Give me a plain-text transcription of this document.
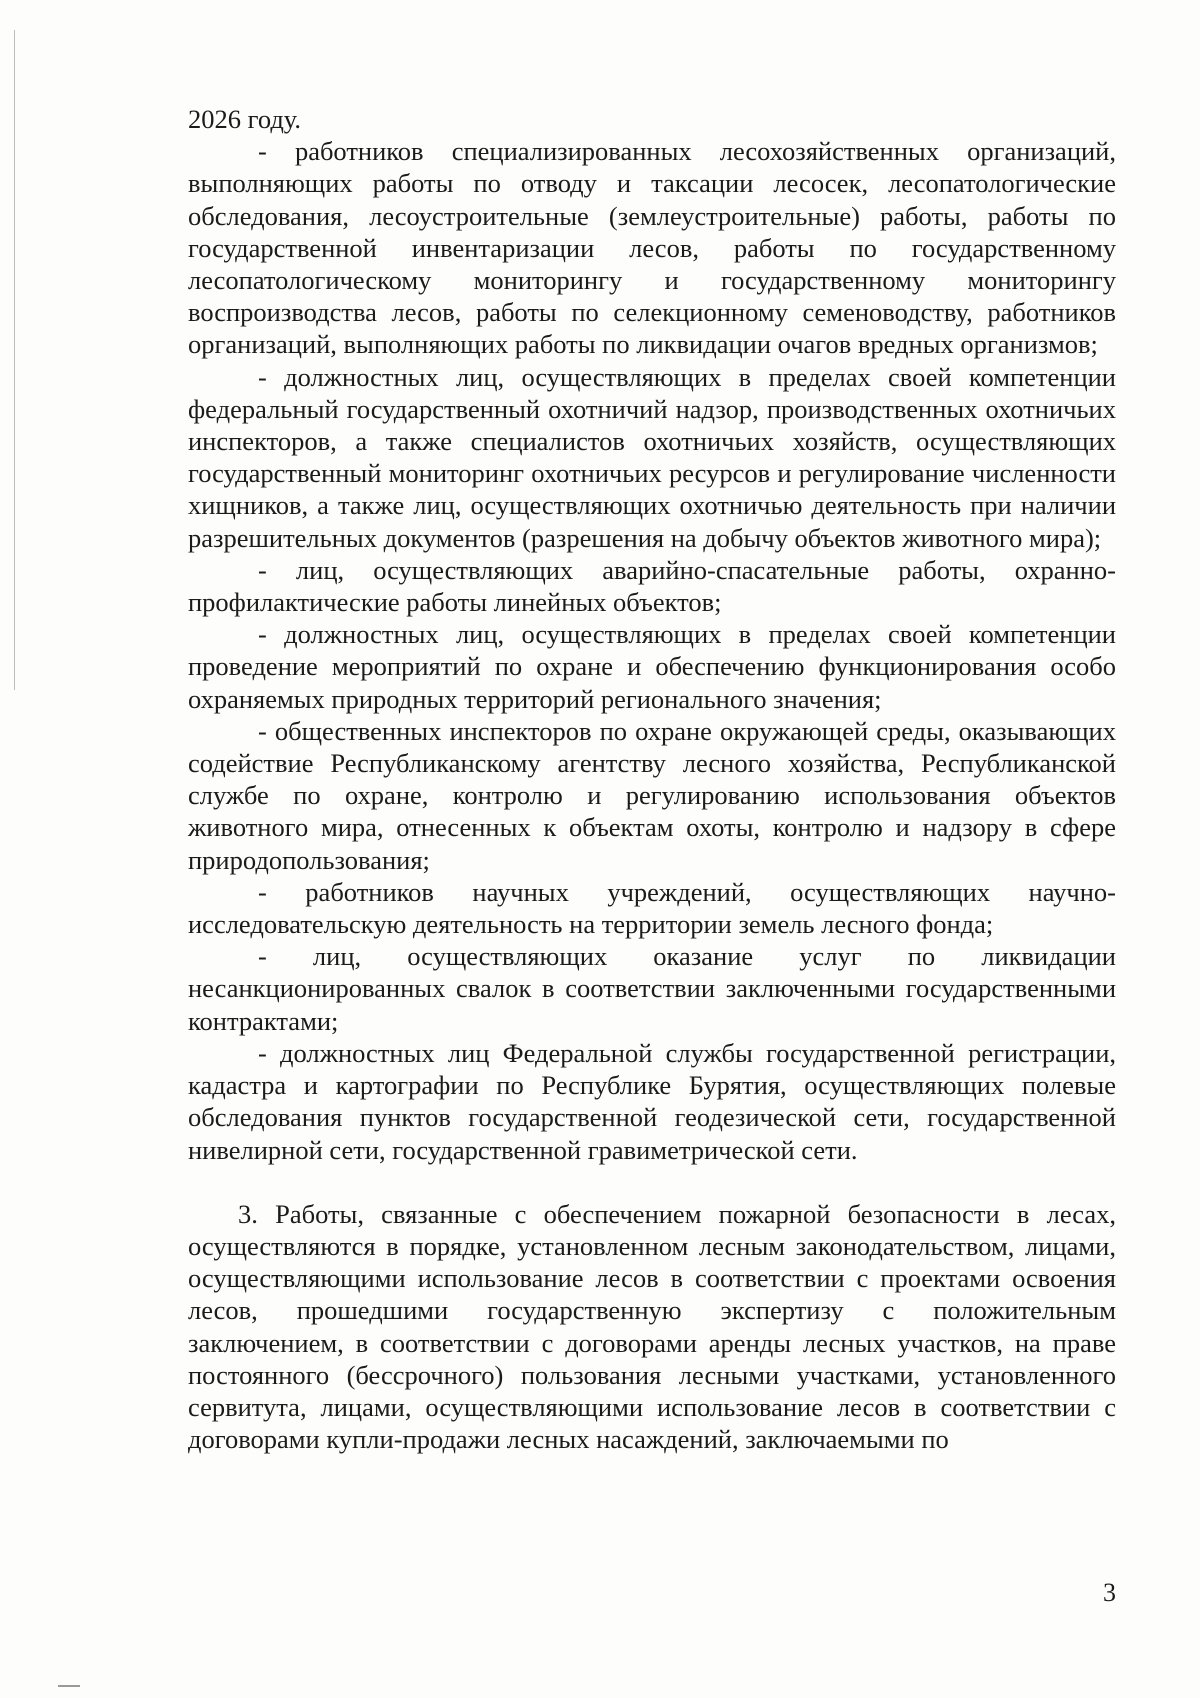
2026 году.

- работников специализированных лесохозяйственных организаций, выполняющих работы по отводу и таксации лесосек, лесопатологические обследования, лесоустроительные (землеустроительные) работы, работы по государственной инвентаризации лесов, работы по государственному лесопатологическому мониторингу и государственному мониторингу воспроизводства лесов, работы по селекционному семеноводству, работников организаций, выполняющих работы по ликвидации очагов вредных организмов;

- должностных лиц, осуществляющих в пределах своей компетенции федеральный государственный охотничий надзор, производственных охотничьих инспекторов, а также специалистов охотничьих хозяйств, осуществляющих государственный мониторинг охотничьих ресурсов и регулирование численности хищников, а также лиц, осуществляющих охотничью деятельность при наличии разрешительных документов (разрешения на добычу объектов животного мира);

- лиц, осуществляющих аварийно-спасательные работы, охранно-профилактические работы линейных объектов;

- должностных лиц, осуществляющих в пределах своей компетенции проведение мероприятий по охране и обеспечению функционирования особо охраняемых природных территорий регионального значения;

- общественных инспекторов по охране окружающей среды, оказывающих содействие Республиканскому агентству лесного хозяйства, Республиканской службе по охране, контролю и регулированию использования объектов животного мира, отнесенных к объектам охоты, контролю и надзору в сфере природопользования;

- работников научных учреждений, осуществляющих научно-исследовательскую деятельность на территории земель лесного фонда;

- лиц, осуществляющих оказание услуг по ликвидации несанкционированных свалок в соответствии заключенными государственными контрактами;

- должностных лиц Федеральной службы государственной регистрации, кадастра и картографии по Республике Бурятия, осуществляющих полевые обследования пунктов государственной геодезической сети, государственной нивелирной сети, государственной гравиметрической сети.

3. Работы, связанные с обеспечением пожарной безопасности в лесах, осуществляются в порядке, установленном лесным законодательством, лицами, осуществляющими использование лесов в соответствии с проектами освоения лесов, прошедшими государственную экспертизу с положительным заключением, в соответствии с договорами аренды лесных участков, на праве постоянного (бессрочного) пользования лесными участками, установленного сервитута, лицами, осуществляющими использование лесов в соответствии с договорами купли-продажи лесных насаждений, заключаемыми по

3
